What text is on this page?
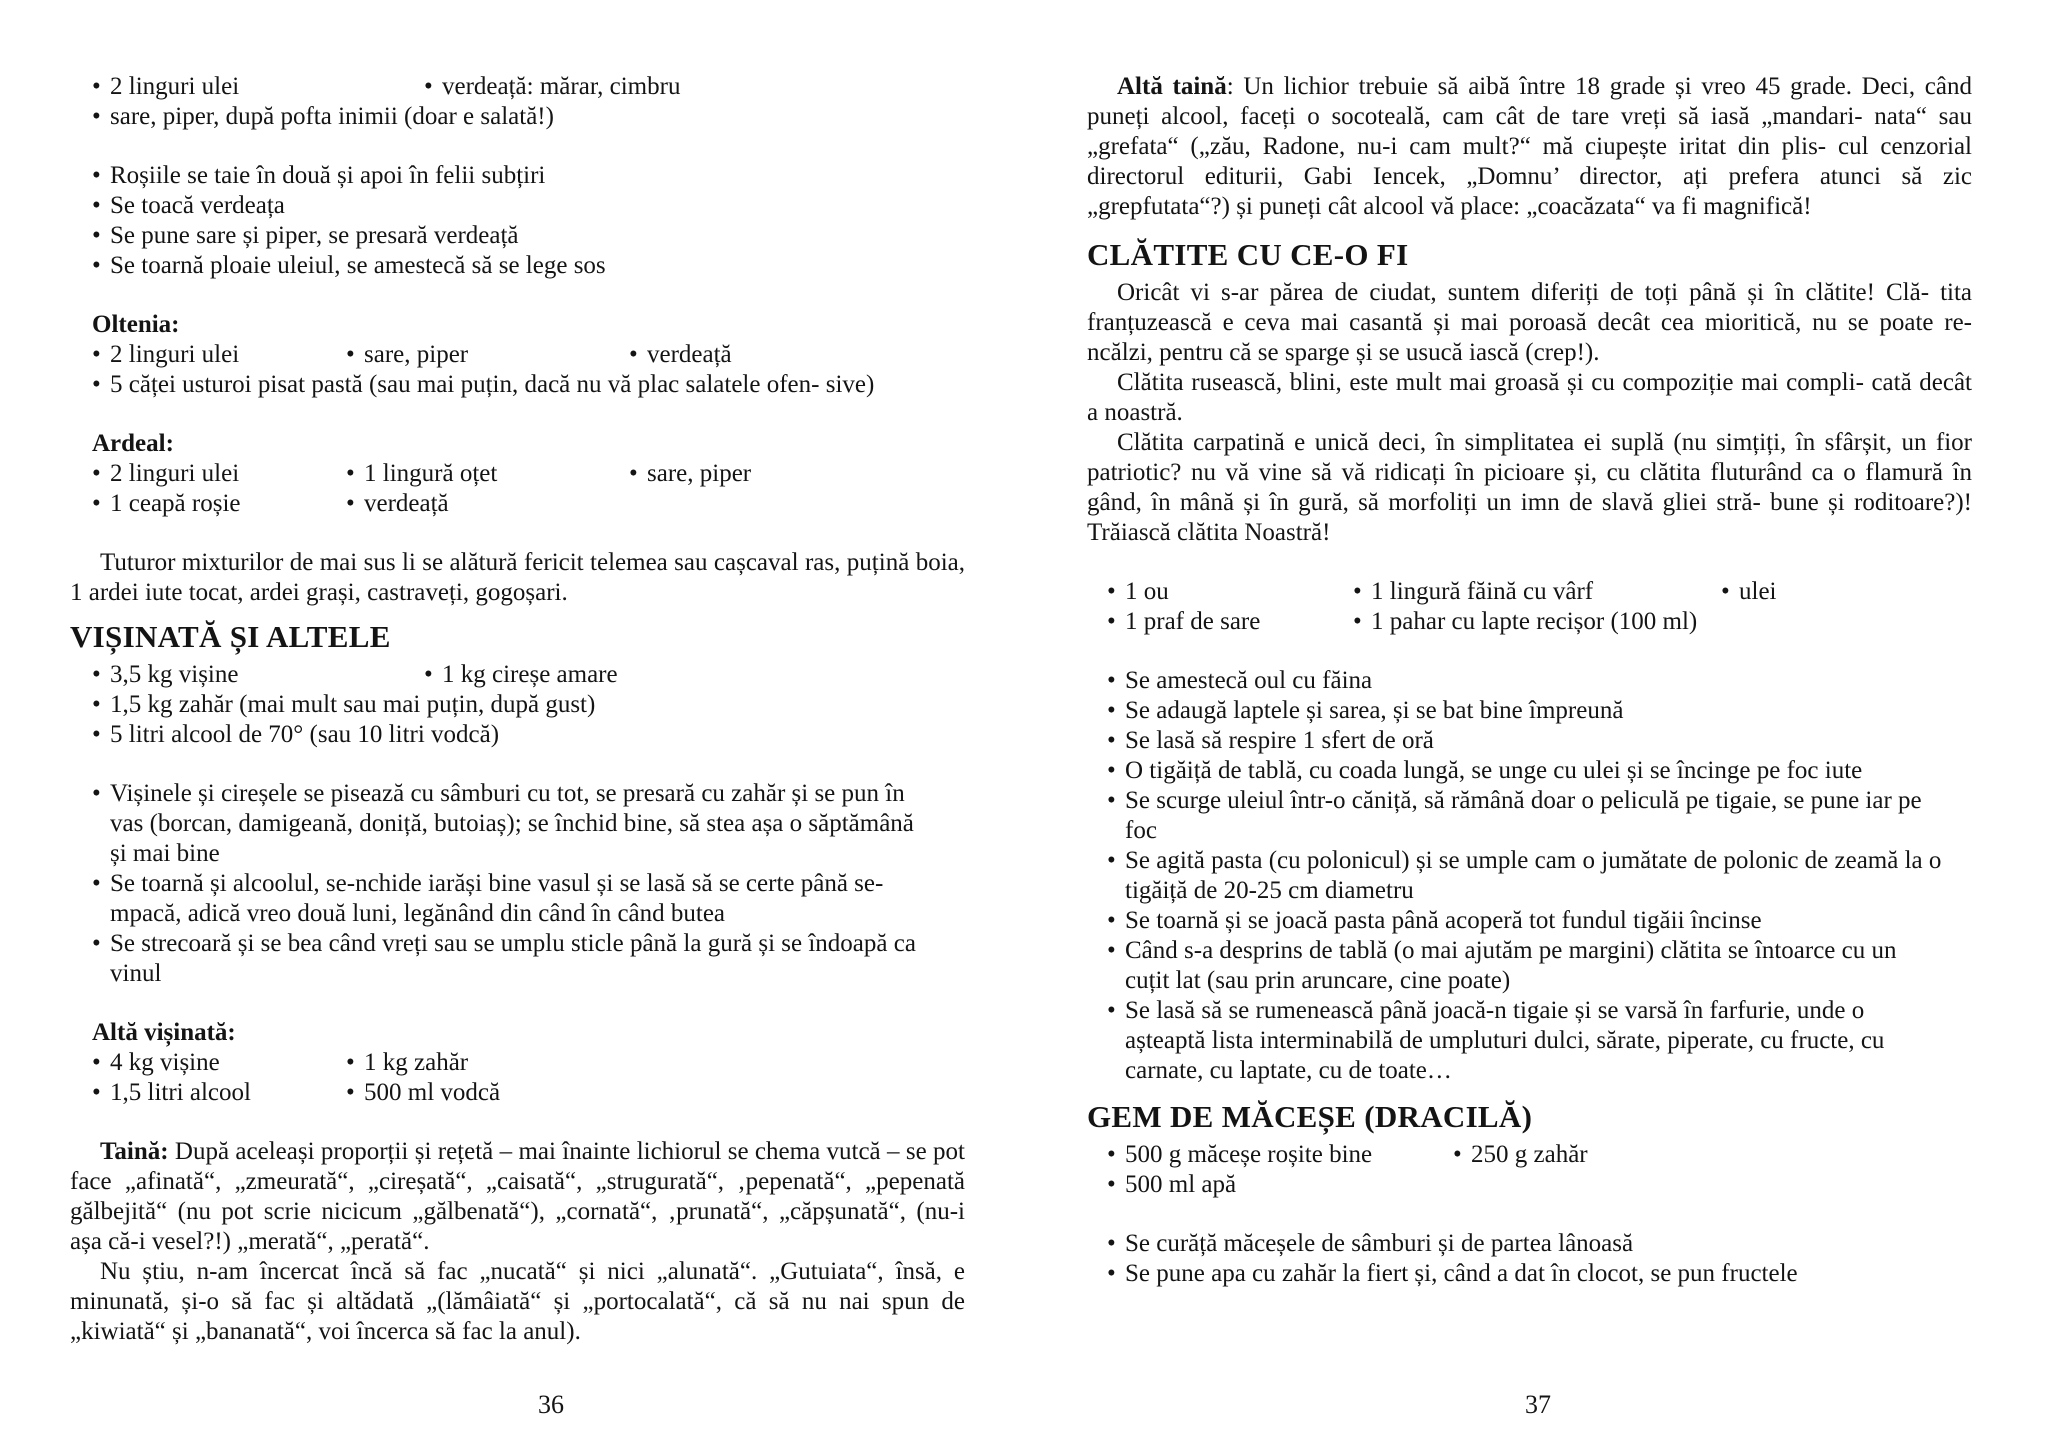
• 2 linguri ulei	• verdeață: mărar, cimbru
• sare, piper, după pofta inimii (doar e salată!)
• Roșiile se taie în două și apoi în felii subțiri
• Se toacă verdeața
• Se pune sare și piper, se presară verdeață
• Se toarnă ploaie uleiul, se amestecă să se lege sos
Oltenia:
• 2 linguri ulei	• sare, piper	• verdeață
• 5 căței usturoi pisat pastă (sau mai puțin, dacă nu vă plac salatele ofen- sive)
Ardeal:
• 2 linguri ulei	• 1 lingură oțet	• sare, piper
• 1 ceapă roșie	• verdeață
Tuturor mixturilor de mai sus li se alătură fericit telemea sau cașcaval ras, puțină boia, 1 ardei iute tocat, ardei grași, castraveți, gogoșari.
VIȘINATĂ ȘI ALTELE
• 3,5 kg vișine	• 1 kg cireșe amare
• 1,5 kg zahăr (mai mult sau mai puțin, după gust)
• 5 litri alcool de 70° (sau 10 litri vodcă)
• Vișinele și cireșele se pisează cu sâmburi cu tot, se presară cu zahăr și se pun în vas (borcan, damigeană, doniță, butoiaș); se închid bine, să stea așa o săptămână și mai bine
• Se toarnă și alcoolul, se-nchide iarăși bine vasul și se lasă să se certe până se-mpacă, adică vreo două luni, legănând din când în când butea
• Se strecoară și se bea când vreți sau se umplu sticle până la gură și se îndoapă ca vinul
Altă vișinată:
• 4 kg vișine	• 1 kg zahăr
• 1,5 litri alcool	• 500 ml vodcă
Taină: După aceleași proporții și rețetă – mai înainte lichiorul se chema vutcă – se pot face „afinată“, „zmeurată“, „cireșată“, „caisată“, „strugurată“, ‚pepenată“, „pepenată gălbejită“ (nu pot scrie nicicum „gălbenată“), „cornată“, ‚prunată“, „căpșunată“, (nu-i așa că-i vesel?!) „merată“, „perată“.
Nu știu, n-am încercat încă să fac „nucată“ și nici „alunată“. „Gutuiata“, însă, e minunată, și-o să fac și altădată „(lămâiată“ și „portocalată“, că să nu nai spun de „kiwiată“ și „bananată“, voi încerca să fac la anul).
36
Altă taină: Un lichior trebuie să aibă între 18 grade și vreo 45 grade. Deci, când puneți alcool, faceți o socoteală, cam cât de tare vreți să iasă „mandari- nata“ sau „grefata“ („zău, Radone, nu-i cam mult?“ mă ciupește iritat din plis- cul cenzorial directorul editurii, Gabi Iencek, „Domnu’ director, ați prefera atunci să zic „grepfutata“?) și puneți cât alcool vă place: „coacăzata“ va fi magnifică!
CLĂTITE CU CE-O FI
Oricât vi s-ar părea de ciudat, suntem diferiți de toți până și în clătite! Clă- tita franțuzească e ceva mai casantă și mai poroasă decât cea mioritică, nu se poate re-ncălzi, pentru că se sparge și se usucă iască (crep!).
Clătita rusească, blini, este mult mai groasă și cu compoziție mai compli- cată decât a noastră.
Clătita carpatină e unică deci, în simplitatea ei suplă (nu simțiți, în sfârșit, un fior patriotic? nu vă vine să vă ridicați în picioare și, cu clătita fluturând ca o flamură în gând, în mână și în gură, să morfoliți un imn de slavă gliei stră- bune și roditoare?)! Trăiască clătita Noastră!
• 1 ou	• 1 lingură făină cu vârf	• ulei
• 1 praf de sare	• 1 pahar cu lapte recișor (100 ml)
• Se amestecă oul cu făina
• Se adaugă laptele și sarea, și se bat bine împreună
• Se lasă să respire 1 sfert de oră
• O tigăiță de tablă, cu coada lungă, se unge cu ulei și se încinge pe foc iute
• Se scurge uleiul într-o căniță, să rămână doar o peliculă pe tigaie, se pune iar pe foc
• Se agită pasta (cu polonicul) și se umple cam o jumătate de polonic de zeamă la o tigăiță de 20-25 cm diametru
• Se toarnă și se joacă pasta până acoperă tot fundul tigăii încinse
• Când s-a desprins de tablă (o mai ajutăm pe margini) clătita se întoarce cu un cuțit lat (sau prin aruncare, cine poate)
• Se lasă să se rumenească până joacă-n tigaie și se varsă în farfurie, unde o așteaptă lista interminabilă de umpluturi dulci, sărate, piperate, cu fructe, cu carnate, cu laptate, cu de toate…
GEM DE MĂCEȘE (DRACILĂ)
• 500 g măceșe roșite bine	• 250 g zahăr
• 500 ml apă
• Se curăță măceșele de sâmburi și de partea lânoasă
• Se pune apa cu zahăr la fiert și, când a dat în clocot, se pun fructele
37
